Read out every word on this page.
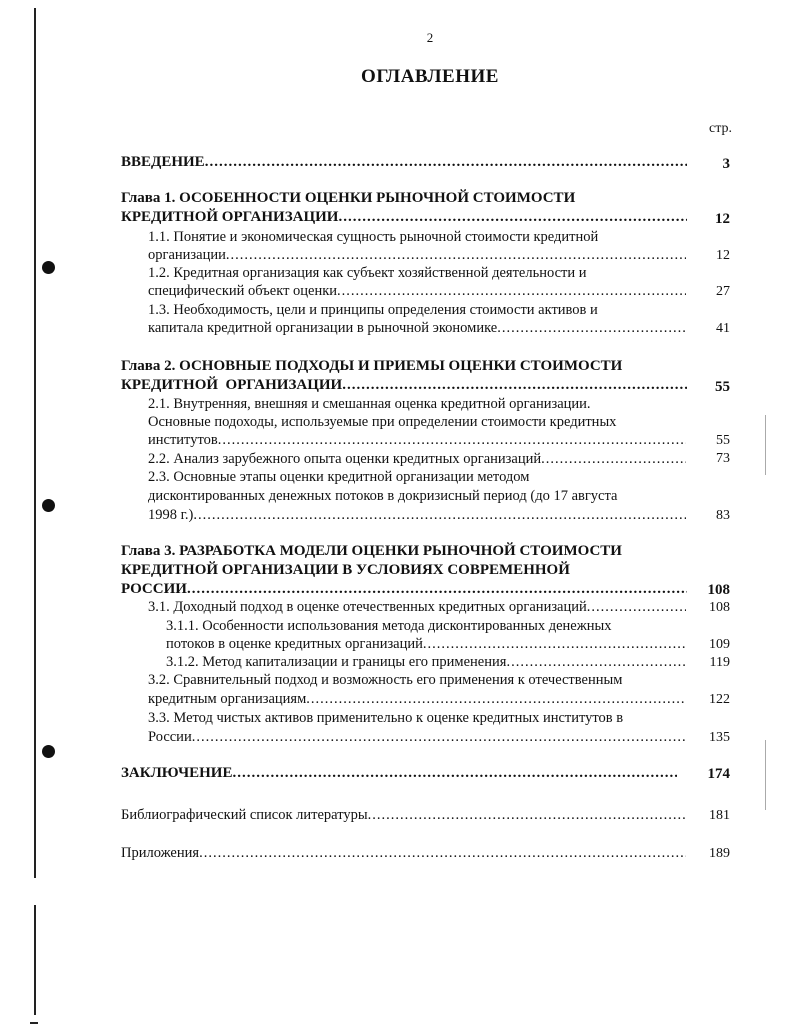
2
ОГЛАВЛЕНИЕ
стр.
ВВЕДЕНИЕ .....	3
Глава 1. ОСОБЕННОСТИ ОЦЕНКИ РЫНОЧНОЙ СТОИМОСТИ
КРЕДИТНОЙ ОРГАНИЗАЦИИ .....	12
1.1. Понятие и экономическая сущность рыночной стоимости кредитной
организации .....	12
1.2. Кредитная организация как субъект хозяйственной деятельности и
специфический объект оценки .....	27
1.3. Необходимость, цели и принципы определения стоимости активов и
капитала кредитной организации в рыночной экономике .....	41
Глава 2. ОСНОВНЫЕ ПОДХОДЫ И ПРИЕМЫ ОЦЕНКИ СТОИМОСТИ
КРЕДИТНОЙ  ОРГАНИЗАЦИИ .....	55
2.1. Внутренняя, внешняя и смешанная оценка кредитной организации.
Основные подоходы, используемые при определении стоимости кредитных
институтов .....	55
2.2. Анализ зарубежного опыта оценки кредитных организаций .....	73
2.3. Основные этапы оценки кредитной организации методом
дисконтированных денежных потоков в докризисный период (до 17 августа
1998 г.) .....	83
Глава 3. РАЗРАБОТКА МОДЕЛИ ОЦЕНКИ РЫНОЧНОЙ СТОИМОСТИ
КРЕДИТНОЙ ОРГАНИЗАЦИИ В УСЛОВИЯХ СОВРЕМЕННОЙ
РОССИИ .....	108
3.1. Доходный подход в оценке отечественных кредитных организаций .....	108
3.1.1. Особенности использования метода дисконтированных денежных
потоков в оценке кредитных организаций .....	109
3.1.2. Метод капитализации и границы его применения .....	119
3.2. Сравнительный подход и возможность его применения к отечественным
кредитным организациям .....	122
3.3. Метод чистых активов применительно к оценке кредитных институтов в
России .....	135
ЗАКЛЮЧЕНИЕ .....	174
Библиографический список литературы .....	181
Приложения .....	189
